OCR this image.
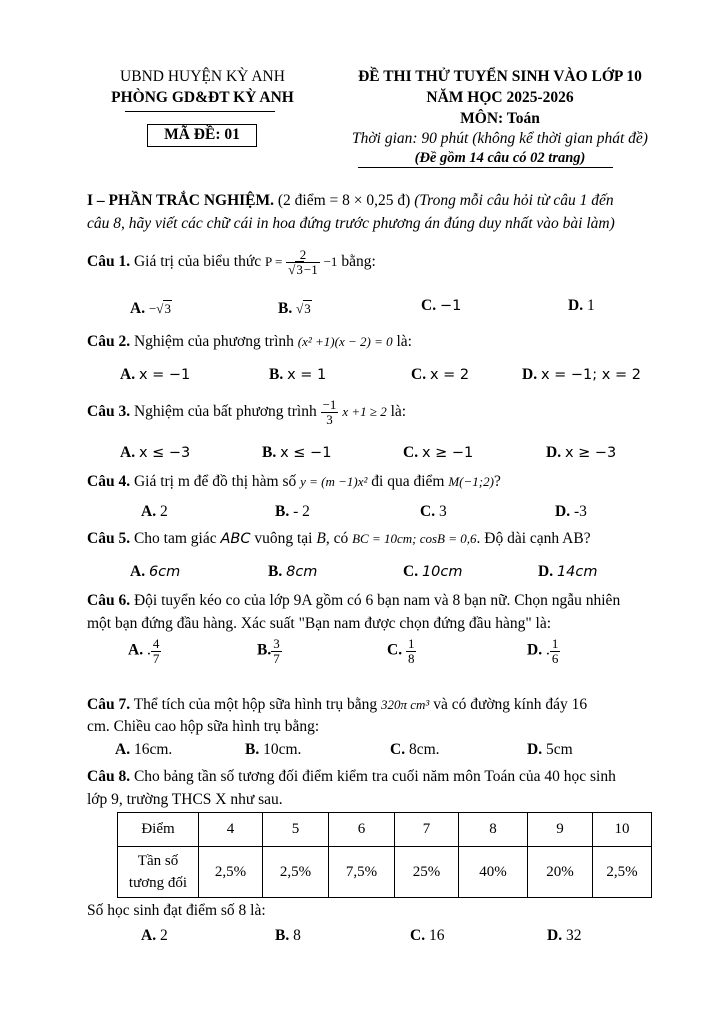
UBND HUYỆN KỲ ANH
PHÒNG GD&ĐT KỲ ANH
MÃ ĐỀ: 01
ĐỀ THI THỬ TUYỂN SINH VÀO LỚP 10
NĂM HỌC 2025-2026
MÔN: Toán
Thời gian: 90 phút (không kể thời gian phát đề)
(Đề gồm 14 câu có 02 trang)
I – PHẦN TRẮC NGHIỆM. (2 điểm = 8 × 0,25 đ) (Trong mỗi câu hỏi từ câu 1 đến
câu 8, hãy viết các chữ cái in hoa đứng trước phương án đúng duy nhất vào bài làm)
Câu 1. Giá trị của biểu thức $P = \frac{2}{√3-1} -1$ bằng:
A. −√3	B. √3	C. −1	D. 1
Câu 2. Nghiệm của phương trình (x² +1)(x − 2) = 0 là:
A. x = −1	B. x = 1	C. x = 2	D. x = −1; x = 2
Câu 3. Nghiệm của bất phương trình $\frac{-1}{3}$ x +1 ≥ 2 là:
A. x ≤ −3	B. x ≤ −1	C. x ≥ −1	D. x ≥ −3
Câu 4. Giá trị m để đồ thị hàm số y = (m −1)x² đi qua điểm M(−1;2)?
A. 2	B. - 2	C. 3	D. -3
Câu 5. Cho tam giác ABC vuông tại B, có BC = 10cm; cosB = 0,6. Độ dài cạnh AB?
A. 6cm	B. 8cm	C. 10cm	D. 14cm
Câu 6. Đội tuyển kéo co của lớp 9A gồm có 6 bạn nam và 8 bạn nữ. Chọn ngẫu nhiên
một bạn đứng đầu hàng. Xác suất "Bạn nam được chọn đứng đầu hàng" là:
A. . $\frac{4}{7}$	B. $\frac{3}{7}$	C. $\frac{1}{8}$	D. . $\frac{1}{6}$
Câu 7. Thể tích của một hộp sữa hình trụ bằng 320π cm³ và có đường kính đáy 16
cm. Chiều cao hộp sữa hình trụ bằng:
A. 16cm.	B. 10cm.	C. 8cm.	D. 5cm
Câu 8. Cho bảng tần số tương đối điểm kiểm tra cuối năm môn Toán của 40 học sinh
lớp 9, trường THCS X như sau.
Điểm	4	5	6	7	8	9	10
Tần số
tương đối	2,5%	2,5%	7,5%	25%	40%	20%	2,5%
Số học sinh đạt điểm số 8 là:
A. 2	B. 8	C. 16	D. 32
